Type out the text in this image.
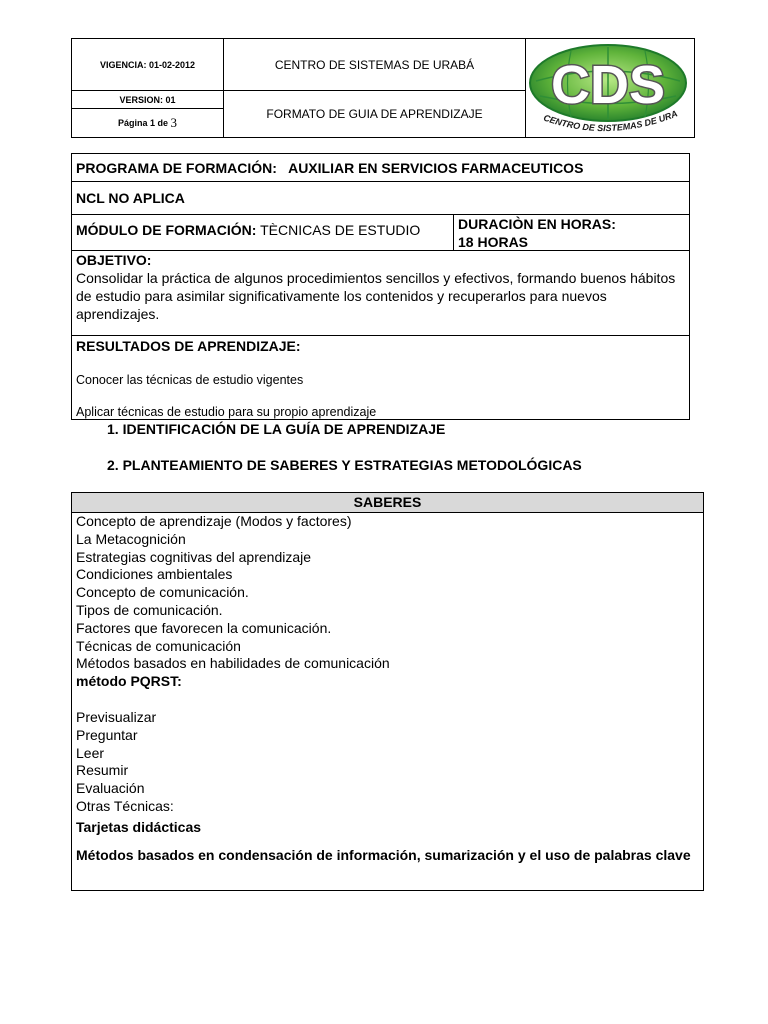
VIGENCIA: 01-02-2012
VERSION: 01
Página 1 de
3
CENTRO DE SISTEMAS DE URABÁ
FORMATO DE GUIA DE APRENDIZAJE	CDS
CENTRO DE SISTEMAS DE URA
PROGRAMA DE FORMACIÓN: AUXILIAR EN SERVICIOS FARMACEUTICOS
NCL NO APLICA
MÓDULO DE FORMACIÓN: TÈCNICAS DE ESTUDIO	DURACIÒN EN HORAS:
18 HORAS
OBJETIVO:
Consolidar la práctica de algunos procedimientos sencillos y efectivos, formando buenos hábitos de estudio para asimilar significativamente los contenidos y recuperarlos para nuevos aprendizajes.
RESULTADOS DE APRENDIZAJE:
Conocer las técnicas de estudio vigentes
Aplicar técnicas de estudio para su propio aprendizaje
1. IDENTIFICACIÓN DE LA GUÍA DE APRENDIZAJE
2. PLANTEAMIENTO DE SABERES Y ESTRATEGIAS METODOLÓGICAS
SABERES
Concepto de aprendizaje (Modos y factores)
La Metacognición
Estrategias cognitivas del aprendizaje
Condiciones ambientales
Concepto de comunicación.
Tipos de comunicación.
Factores que favorecen la comunicación.
Técnicas de comunicación
Métodos basados en habilidades de comunicación
método PQRST:
Previsualizar
Preguntar
Leer
Resumir
Evaluación
Otras Técnicas:
Tarjetas didácticas
Métodos basados en condensación de información, sumarización y el uso de palabras clave
